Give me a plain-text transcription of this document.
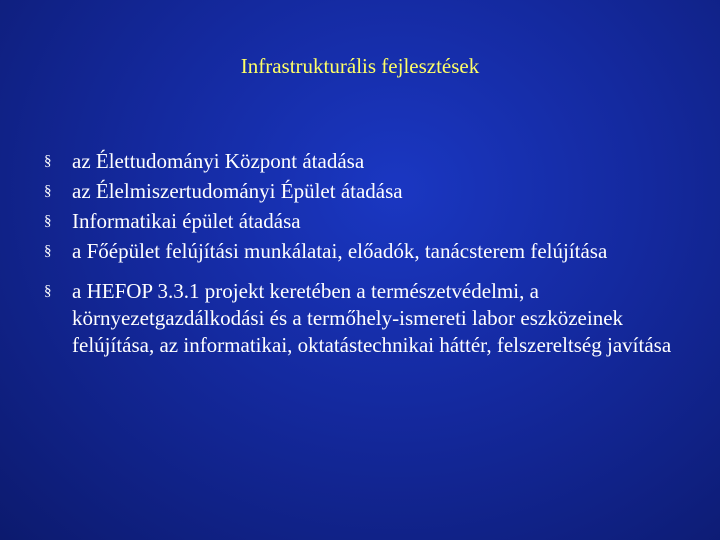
Infrastrukturális fejlesztések
§ az Élettudományi Központ átadása
§ az Élelmiszertudományi Épület átadása
§ Informatikai épület átadása
§ a Főépület felújítási munkálatai, előadók, tanácsterem felújítása
§ a HEFOP 3.3.1 projekt keretében a természetvédelmi, a környezetgazdálkodási és a termőhely-ismereti labor eszközeinek felújítása, az informatikai, oktatástechnikai háttér, felszereltség javítása
